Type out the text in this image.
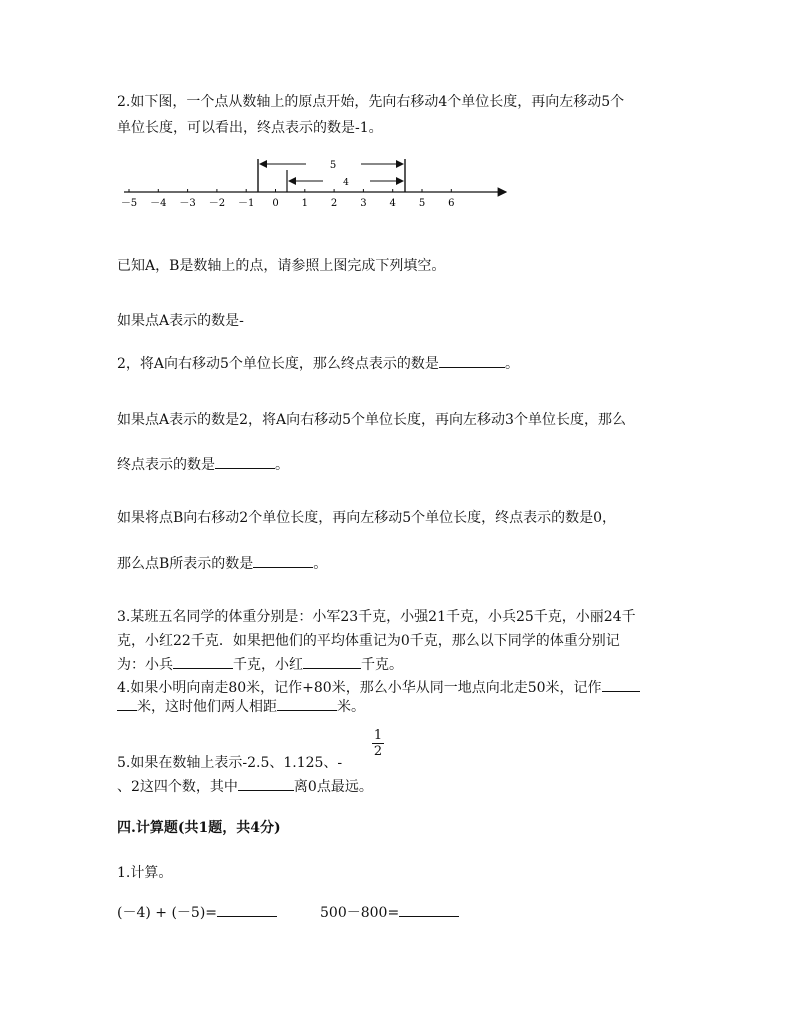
2.如下图，一个点从数轴上的原点开始，先向右移动4个单位长度，再向左移动5个
单位长度，可以看出，终点表示的数是-1。
5
4
－5 －4 －3 －2 －1 0 1 2 3 4 5 6
已知A，B是数轴上的点，请参照上图完成下列填空。
如果点A表示的数是-
2，将A向右移动5个单位长度，那么终点表示的数是	。
如果点A表示的数是2，将A向右移动5个单位长度，再向左移动3个单位长度，那么
终点表示的数是	。
如果将点B向右移动2个单位长度，再向左移动5个单位长度，终点表示的数是0，
那么点B所表示的数是	。
3.某班五名同学的体重分别是：小军23千克，小强21千克，小兵25千克，小丽24千
克，小红22千克．如果把他们的平均体重记为0千克，那么以下同学的体重分别记
为：小兵	千克，小红	千克。
4.如果小明向南走80米，记作+80米，那么小华从同一地点向北走50米，记作
米，这时他们两人相距	米。
1
2
5.如果在数轴上表示-2.5、1.125、-
、2这四个数，其中	离0点最远。
四.计算题(共1题，共4分)
1.计算。
(－4) + (－5)=	500－800=
